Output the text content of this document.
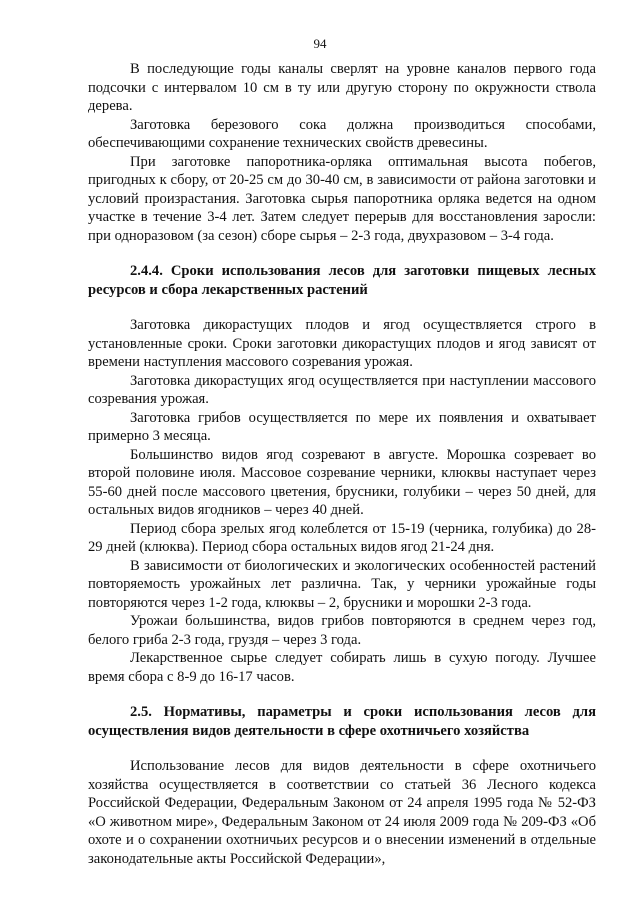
94

В последующие годы каналы сверлят на уровне каналов первого года подсочки с интервалом 10 см в ту или другую сторону по окружности ствола дерева.

Заготовка березового сока должна производиться способами, обеспечивающими сохранение технических свойств древесины.

При заготовке папоротника-орляка оптимальная высота побегов, пригодных к сбору, от 20-25 см до 30-40 см, в зависимости от района заготовки и условий произрастания. Заготовка сырья папоротника орляка ведется на одном участке в течение 3-4 лет. Затем следует перерыв для восстановления заросли: при одноразовом (за сезон) сборе сырья – 2-3 года, двухразовом – 3-4 года.

2.4.4. Сроки использования лесов для заготовки пищевых лесных ресурсов и сбора лекарственных растений

Заготовка дикорастущих плодов и ягод осуществляется строго в установленные сроки. Сроки заготовки дикорастущих плодов и ягод зависят от времени наступления массового созревания урожая.

Заготовка дикорастущих ягод осуществляется при наступлении массового созревания урожая.

Заготовка грибов осуществляется по мере их появления и охватывает примерно 3 месяца.

Большинство видов ягод созревают в августе. Морошка созревает во второй половине июля. Массовое созревание черники, клюквы наступает через 55-60 дней после массового цветения, брусники, голубики – через 50 дней, для остальных видов ягодников – через 40 дней.

Период сбора зрелых ягод колеблется от 15-19 (черника, голубика) до 28-29 дней (клюква). Период сбора остальных видов ягод 21-24 дня.

В зависимости от биологических и экологических особенностей растений повторяемость урожайных лет различна. Так, у черники урожайные годы повторяются через 1-2 года, клюквы – 2, брусники и морошки 2-3 года.

Урожаи большинства, видов грибов повторяются в среднем через год, белого гриба 2-3 года, груздя – через 3 года.

Лекарственное сырье следует собирать лишь в сухую погоду. Лучшее время сбора с 8-9 до 16-17 часов.

2.5. Нормативы, параметры и сроки использования лесов для осуществления видов деятельности в сфере охотничьего хозяйства

Использование лесов для видов деятельности в сфере охотничьего хозяйства осуществляется в соответствии со статьей 36 Лесного кодекса Российской Федерации, Федеральным Законом от 24 апреля 1995 года № 52-ФЗ «О животном мире», Федеральным Законом от 24 июля 2009 года № 209-ФЗ «Об охоте и о сохранении охотничьих ресурсов и о внесении изменений в отдельные законодательные акты Российской Федерации»,
